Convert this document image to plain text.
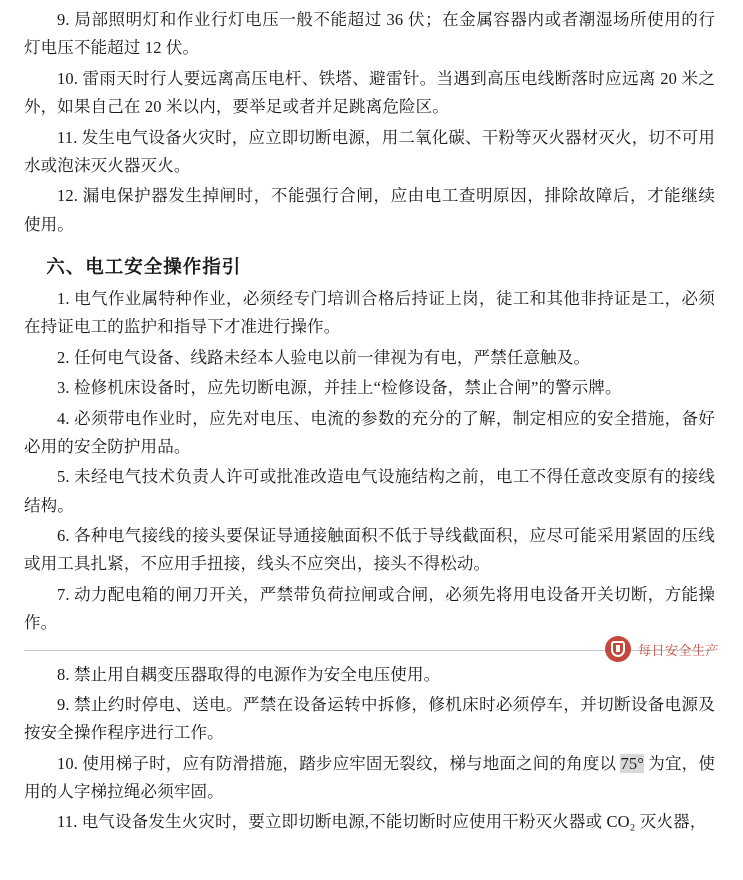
9. 局部照明灯和作业行灯电压一般不能超过 36 伏；在金属容器内或者潮湿场所使用的行灯电压不能超过 12 伏。

10. 雷雨天时行人要远离高压电杆、铁塔、避雷针。当遇到高压电线断落时应远离 20 米之外，如果自己在 20 米以内，要举足或者并足跳离危险区。

11. 发生电气设备火灾时，应立即切断电源，用二氧化碳、干粉等灭火器材灭火，切不可用水或泡沫灭火器灭火。

12. 漏电保护器发生掉闸时，不能强行合闸，应由电工查明原因，排除故障后，才能继续使用。

六、电工安全操作指引

1. 电气作业属特种作业，必须经专门培训合格后持证上岗，徒工和其他非持证是工，必须在持证电工的监护和指导下才准进行操作。

2. 任何电气设备、线路未经本人验电以前一律视为有电，严禁任意触及。

3. 检修机床设备时，应先切断电源，并挂上“检修设备，禁止合闸”的警示牌。

4. 必须带电作业时，应先对电压、电流的参数的充分的了解，制定相应的安全措施，备好必用的安全防护用品。

5. 未经电气技术负责人许可或批准改造电气设施结构之前，电工不得任意改变原有的接线结构。

6. 各种电气接线的接头要保证导通接触面积不低于导线截面积，应尽可能采用紧固的压线或用工具扎紧，不应用手扭接，线头不应突出，接头不得松动。

7. 动力配电箱的闸刀开关，严禁带负荷拉闸或合闸，必须先将用电设备开关切断，方能操作。

每日安全生产

8. 禁止用自耦变压器取得的电源作为安全电压使用。

9. 禁止约时停电、送电。严禁在设备运转中拆修，修机床时必须停车，并切断设备电源及按安全操作程序进行工作。

10. 使用梯子时，应有防滑措施，踏步应牢固无裂纹，梯与地面之间的角度以 75° 为宜，使用的人字梯拉绳必须牢固。

11. 电气设备发生火灾时，要立即切断电源,不能切断时应使用干粉灭火器或 CO₂ 灭火器，
